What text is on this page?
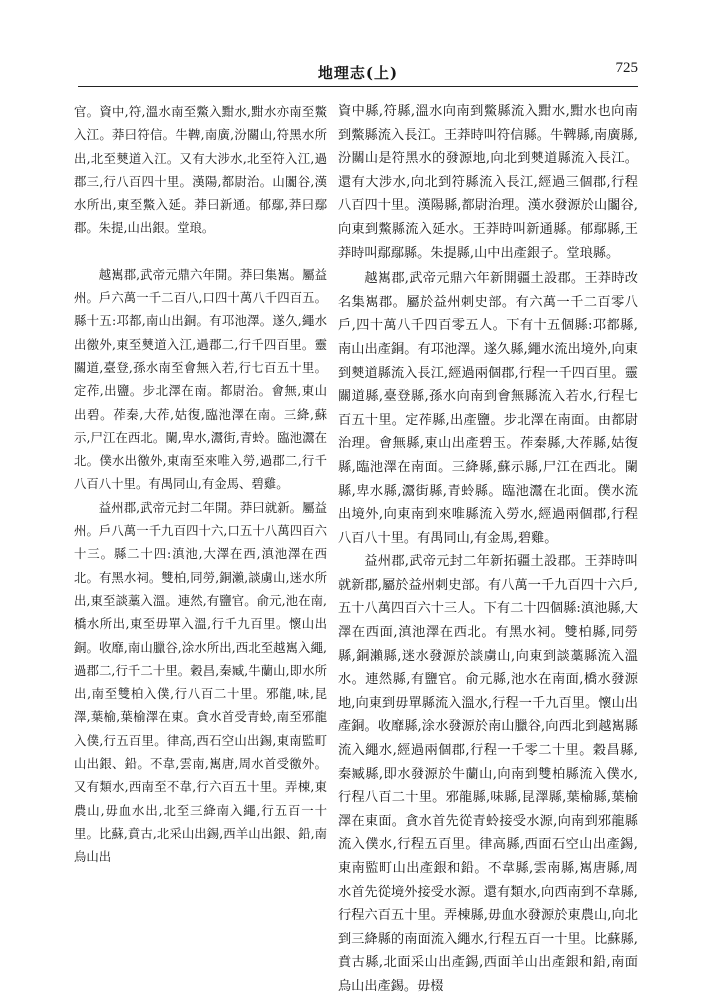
地理志(上)	725

官。資中,符,溫水南至鱉入黚水,黚水亦南至鱉入江。莽曰符信。牛鞞,南廣,汾關山,符黑水所出,北至僰道入江。又有大涉水,北至符入江,過郡三,行八百四十里。漢陽,都尉治。山闟谷,漢水所出,東至鱉入延。莽曰新通。郁鄢,莽曰鄢郡。朱提,山出銀。堂琅。

越嶲郡,武帝元鼎六年開。莽曰集嶲。屬益州。戶六萬一千二百八,口四十萬八千四百五。縣十五:邛都,南山出銅。有邛池澤。遂久,繩水出徼外,東至僰道入江,過郡二,行千四百里。靈關道,臺登,孫水南至會無入若,行七百五十里。定莋,出鹽。步北澤在南。都尉治。會無,東山出碧。莋秦,大莋,姑復,臨池澤在南。三絳,蘇示,尸江在西北。闌,卑水,灊街,青蛉。臨池灊在北。僕水出徼外,東南至來唯入勞,過郡二,行千八百八十里。有禺同山,有金馬、碧雞。

益州郡,武帝元封二年開。莽曰就新。屬益州。戶八萬一千九百四十六,口五十八萬四百六十三。縣二十四:滇池,大澤在西,滇池澤在西北。有黑水祠。雙柏,同勞,銅瀨,談虜山,迷水所出,東至談藁入溫。連然,有鹽官。俞元,池在南,橋水所出,東至毋單入溫,行千九百里。懷山出銅。收靡,南山臘谷,涂水所出,西北至越嶲入繩,過郡二,行千二十里。穀昌,秦臧,牛蘭山,即水所出,南至雙柏入僕,行八百二十里。邪龍,味,昆澤,葉榆,葉榆澤在東。貪水首受青蛉,南至邪龍入僕,行五百里。律高,西石空山出錫,東南監町山出銀、鉛。不韋,雲南,嶲唐,周水首受徼外。又有類水,西南至不韋,行六百五十里。弄棟,東農山,毋血水出,北至三絳南入繩,行五百一十里。比蘇,賁古,北采山出錫,西羊山出銀、鉛,南烏山出

資中縣,符縣,溫水向南到鱉縣流入黚水,黚水也向南到鱉縣流入長江。王莽時叫符信縣。牛鞞縣,南廣縣,汾關山是符黑水的發源地,向北到僰道縣流入長江。還有大涉水,向北到符縣流入長江,經過三個郡,行程八百四十里。漢陽縣,都尉治理。漢水發源於山闟谷,向東到鱉縣流入延水。王莽時叫新通縣。郁鄢縣,王莽時叫鄢鄢縣。朱提縣,山中出產銀子。堂琅縣。

越嶲郡,武帝元鼎六年新開疆土設郡。王莽時改名集嶲郡。屬於益州刺史部。有六萬一千二百零八戶,四十萬八千四百零五人。下有十五個縣:邛都縣,南山出產銅。有邛池澤。遂久縣,繩水流出境外,向東到僰道縣流入長江,經過兩個郡,行程一千四百里。靈關道縣,臺登縣,孫水向南到會無縣流入若水,行程七百五十里。定莋縣,出產鹽。步北澤在南面。由都尉治理。會無縣,東山出產碧玉。莋秦縣,大莋縣,姑復縣,臨池澤在南面。三絳縣,蘇示縣,尸江在西北。闌縣,卑水縣,灊街縣,青蛉縣。臨池灊在北面。僕水流出境外,向東南到來唯縣流入勞水,經過兩個郡,行程八百八十里。有禺同山,有金馬,碧雞。

益州郡,武帝元封二年新拓疆土設郡。王莽時叫就新郡,屬於益州刺史部。有八萬一千九百四十六戶,五十八萬四百六十三人。下有二十四個縣:滇池縣,大澤在西面,滇池澤在西北。有黑水祠。雙柏縣,同勞縣,銅瀨縣,迷水發源於談虜山,向東到談藁縣流入溫水。連然縣,有鹽官。俞元縣,池水在南面,橋水發源地,向東到毋單縣流入溫水,行程一千九百里。懷山出產銅。收靡縣,涂水發源於南山臘谷,向西北到越嶲縣流入繩水,經過兩個郡,行程一千零二十里。穀昌縣,秦臧縣,即水發源於牛蘭山,向南到雙柏縣流入僕水,行程八百二十里。邪龍縣,味縣,昆澤縣,葉榆縣,葉榆澤在東面。貪水首先從青蛉接受水源,向南到邪龍縣流入僕水,行程五百里。律高縣,西面石空山出產錫,東南監町山出產銀和鉛。不韋縣,雲南縣,嶲唐縣,周水首先從境外接受水源。還有類水,向西南到不韋縣,行程六百五十里。弄棟縣,毋血水發源於東農山,向北到三絳縣的南面流入繩水,行程五百一十里。比蘇縣,賁古縣,北面采山出產錫,西面羊山出產銀和鉛,南面烏山出產錫。毋棳
